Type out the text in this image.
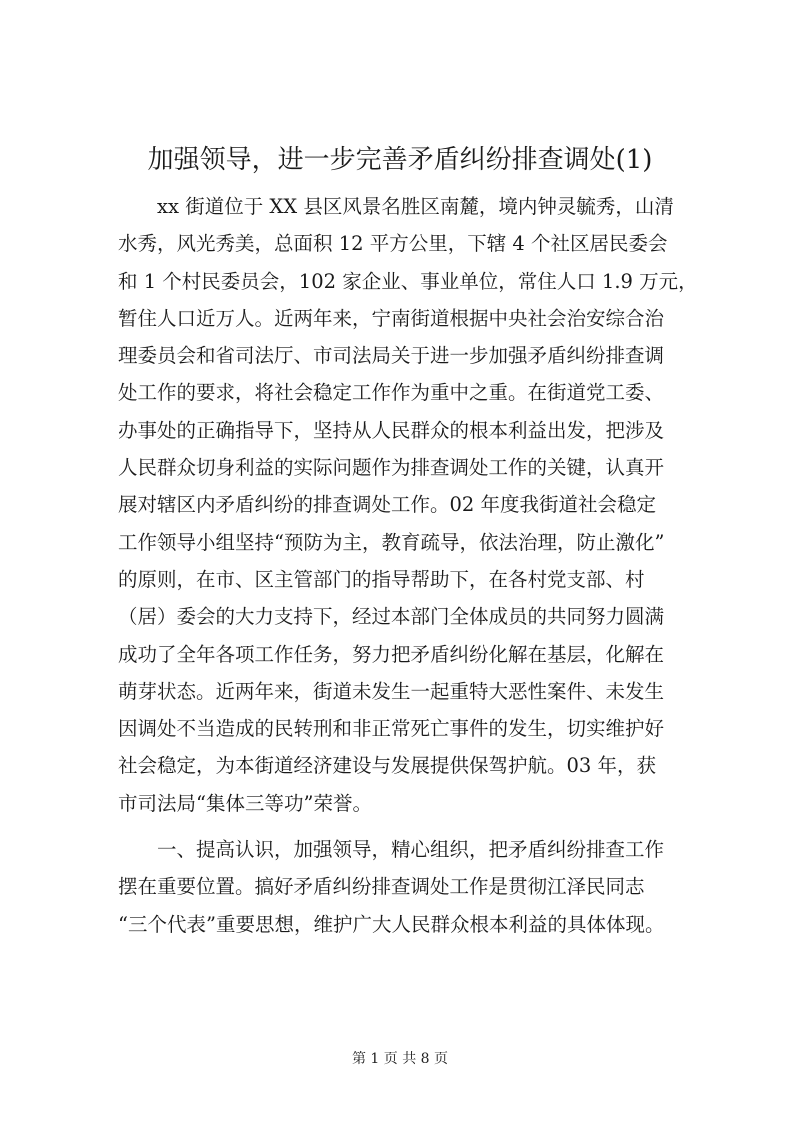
加强领导，进一步完善矛盾纠纷排查调处(1)
xx 街道位于 XX 县区风景名胜区南麓，境内钟灵毓秀，山清
水秀，风光秀美，总面积 12 平方公里，下辖 4 个社区居民委会
和 1 个村民委员会，102 家企业、事业单位，常住人口 1.9 万元，
暂住人口近万人。近两年来，宁南街道根据中央社会治安综合治
理委员会和省司法厅、市司法局关于进一步加强矛盾纠纷排查调
处工作的要求，将社会稳定工作作为重中之重。在街道党工委、
办事处的正确指导下，坚持从人民群众的根本利益出发，把涉及
人民群众切身利益的实际问题作为排查调处工作的关键，认真开
展对辖区内矛盾纠纷的排查调处工作。02 年度我街道社会稳定
工作领导小组坚持“预防为主，教育疏导，依法治理，防止激化”
的原则，在市、区主管部门的指导帮助下，在各村党支部、村
（居）委会的大力支持下，经过本部门全体成员的共同努力圆满
成功了全年各项工作任务，努力把矛盾纠纷化解在基层，化解在
萌芽状态。近两年来，街道未发生一起重特大恶性案件、未发生
因调处不当造成的民转刑和非正常死亡事件的发生，切实维护好
社会稳定，为本街道经济建设与发展提供保驾护航。03 年，获
市司法局“集体三等功”荣誉。
一、提高认识，加强领导，精心组织，把矛盾纠纷排查工作
摆在重要位置。搞好矛盾纠纷排查调处工作是贯彻江泽民同志
“三个代表”重要思想，维护广大人民群众根本利益的具体体现。
第 1 页 共 8 页
